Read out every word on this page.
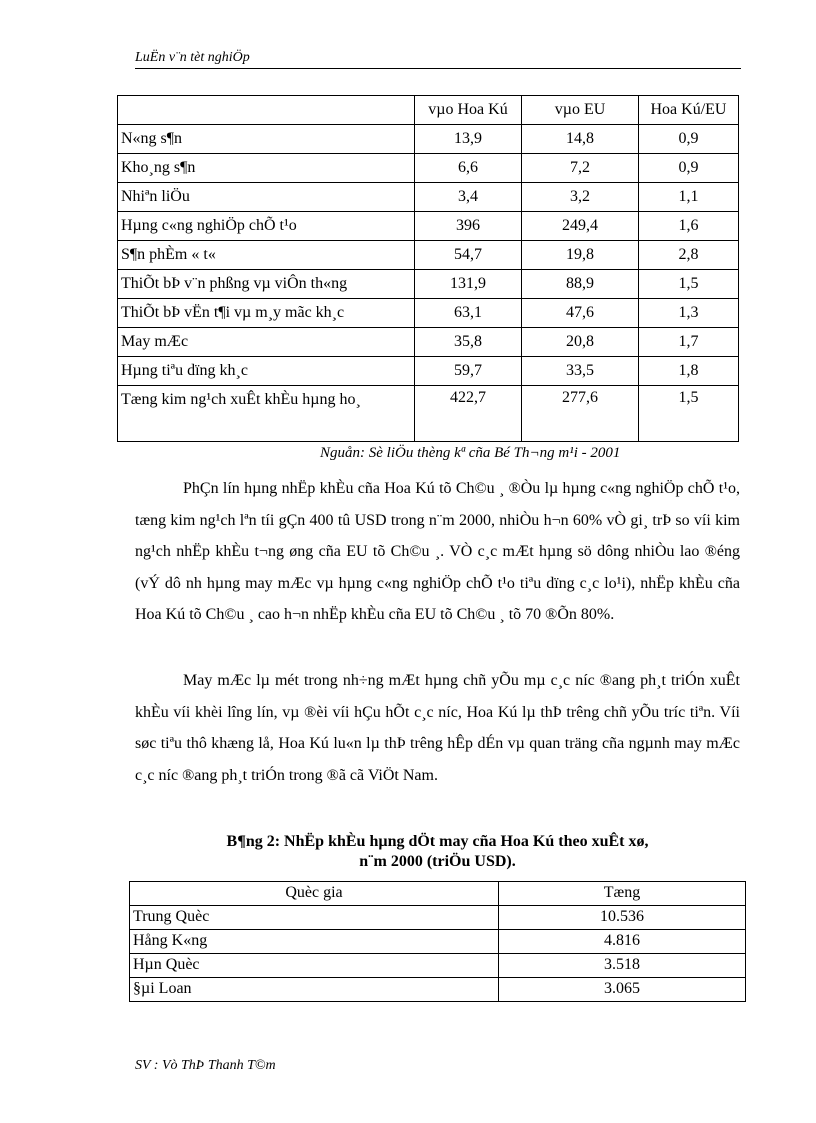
LuËn v¨n tèt nghiÖp
	vµo Hoa Kú	vµo EU	Hoa Kú/EU
N«ng s¶n	13,9	14,8	0,9
Kho¸ng s¶n	6,6	7,2	0,9
Nhiªn liÖu	3,4	3,2	1,1
Hµng c«ng nghiÖp chÕ t¹o	396	249,4	1,6
S¶n phÈm « t«	54,7	19,8	2,8
ThiÕt bÞ v¨n phßng vµ viÔn th«ng	131,9	88,9	1,5
ThiÕt bÞ vËn t¶i vµ m¸y mãc kh¸c	63,1	47,6	1,3
May mÆc	35,8	20,8	1,7
Hµng tiªu dïng kh¸c	59,7	33,5	1,8
Tæng kim ng¹ch xuÊt khÈu hµng ho¸	422,7	277,6	1,5
Nguån: Sè liÖu thèng kª cña Bé Th¬ng m¹i - 2001

PhÇn lín hµng nhËp khÈu cña Hoa Kú tõ Ch©u ¸ ®Òu lµ hµng c«ng nghiÖp chÕ t¹o, tæng kim ng¹ch lªn tíi gÇn 400 tû USD trong n¨m 2000, nhiÒu h¬n 60% vÒ gi¸ trÞ so víi kim ng¹ch nhËp khÈu t¬ng øng cña EU tõ Ch©u ¸. VÒ c¸c mÆt hµng sö dông nhiÒu lao ®éng (vÝ dô nh hµng may mÆc vµ hµng c«ng nghiÖp chÕ t¹o tiªu dïng c¸c lo¹i), nhËp khÈu cña Hoa Kú tõ Ch©u ¸ cao h¬n nhËp khÈu cña EU tõ Ch©u ¸ tõ 70 ®Õn 80%.

May mÆc lµ mét trong nh÷ng mÆt hµng chñ yÕu mµ c¸c níc ®ang ph¸t triÓn xuÊt khÈu víi khèi lîng lín, vµ ®èi víi hÇu hÕt c¸c níc, Hoa Kú lµ thÞ trêng chñ yÕu tríc tiªn. Víi søc tiªu thô khæng lå, Hoa Kú lu«n lµ thÞ trêng hÊp dÉn vµ quan träng cña ngµnh may mÆc c¸c níc ®ang ph¸t triÓn trong ®ã cã ViÖt Nam.

B¶ng 2: NhËp khÈu hµng dÖt may cña Hoa Kú theo xuÊt xø,
n¨m 2000 (triÖu USD).
Quèc gia	Tæng
Trung Quèc	10.536
Hång K«ng	4.816
Hµn Quèc	3.518
§µi Loan	3.065
SV : Vò ThÞ Thanh T©m
